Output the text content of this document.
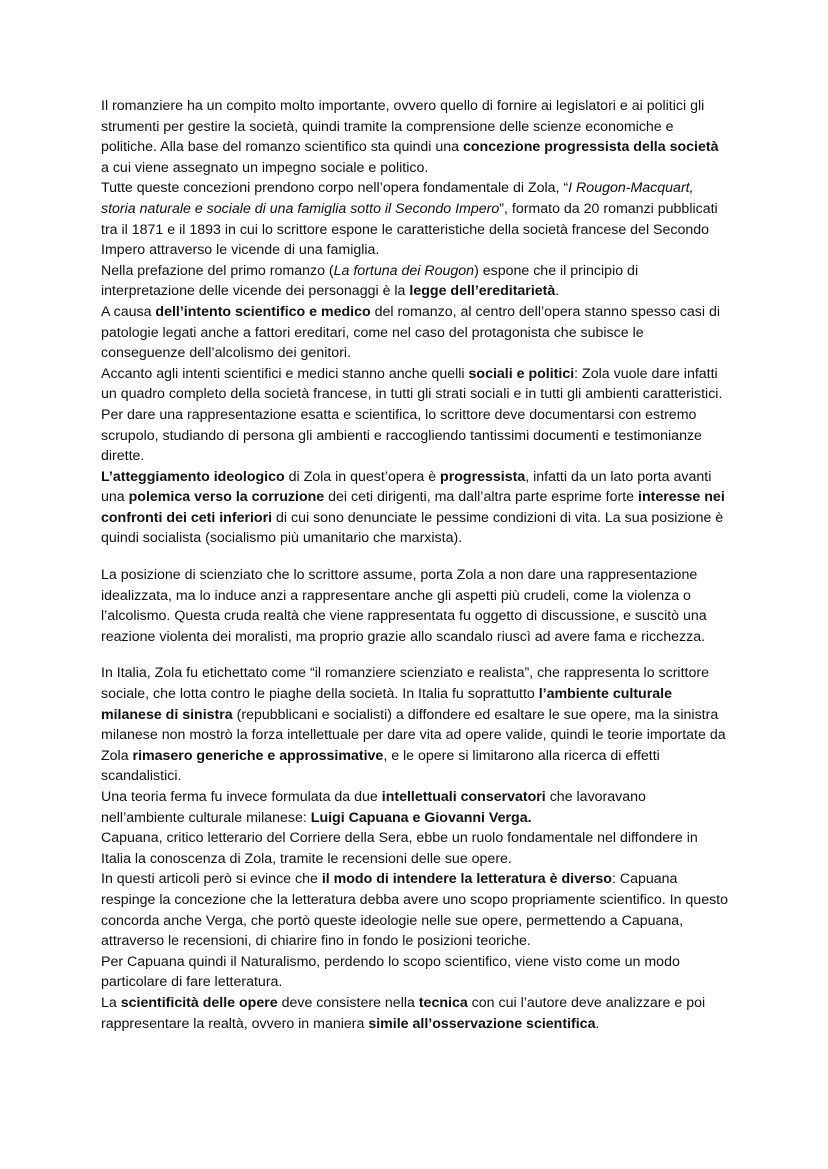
Il romanziere ha un compito molto importante, ovvero quello di fornire ai legislatori e ai politici gli strumenti per gestire la società, quindi tramite la comprensione delle scienze economiche e politiche. Alla base del romanzo scientifico sta quindi una concezione progressista della società a cui viene assegnato un impegno sociale e politico.
Tutte queste concezioni prendono corpo nell’opera fondamentale di Zola, “I Rougon-Macquart, storia naturale e sociale di una famiglia sotto il Secondo Impero”, formato da 20 romanzi pubblicati tra il 1871 e il 1893 in cui lo scrittore espone le caratteristiche della società francese del Secondo Impero attraverso le vicende di una famiglia.
Nella prefazione del primo romanzo (La fortuna dei Rougon) espone che il principio di interpretazione delle vicende dei personaggi è la legge dell’ereditarietà.
A causa dell’intento scientifico e medico del romanzo, al centro dell’opera stanno spesso casi di patologie legati anche a fattori ereditari, come nel caso del protagonista che subisce le conseguenze dell’alcolismo dei genitori.
Accanto agli intenti scientifici e medici stanno anche quelli sociali e politici: Zola vuole dare infatti un quadro completo della società francese, in tutti gli strati sociali e in tutti gli ambienti caratteristici.
Per dare una rappresentazione esatta e scientifica, lo scrittore deve documentarsi con estremo scrupolo, studiando di persona gli ambienti e raccogliendo tantissimi documenti e testimonianze dirette.
L’atteggiamento ideologico di Zola in quest’opera è progressista, infatti da un lato porta avanti una polemica verso la corruzione dei ceti dirigenti, ma dall’altra parte esprime forte interesse nei confronti dei ceti inferiori di cui sono denunciate le pessime condizioni di vita. La sua posizione è quindi socialista (socialismo più umanitario che marxista).
La posizione di scienziato che lo scrittore assume, porta Zola a non dare una rappresentazione idealizzata, ma lo induce anzi a rappresentare anche gli aspetti più crudeli, come la violenza o l’alcolismo. Questa cruda realtà che viene rappresentata fu oggetto di discussione, e suscitò una reazione violenta dei moralisti, ma proprio grazie allo scandalo riuscì ad avere fama e ricchezza.
In Italia, Zola fu etichettato come “il romanziere scienziato e realista”, che rappresenta lo scrittore sociale, che lotta contro le piaghe della società. In Italia fu soprattutto l’ambiente culturale milanese di sinistra (repubblicani e socialisti) a diffondere ed esaltare le sue opere, ma la sinistra milanese non mostrò la forza intellettuale per dare vita ad opere valide, quindi le teorie importate da Zola rimasero generiche e approssimative, e le opere si limitarono alla ricerca di effetti scandalistici.
Una teoria ferma fu invece formulata da due intellettuali conservatori che lavoravano nell’ambiente culturale milanese: Luigi Capuana e Giovanni Verga.
Capuana, critico letterario del Corriere della Sera, ebbe un ruolo fondamentale nel diffondere in Italia la conoscenza di Zola, tramite le recensioni delle sue opere.
In questi articoli però si evince che il modo di intendere la letteratura è diverso: Capuana respinge la concezione che la letteratura debba avere uno scopo propriamente scientifico. In questo concorda anche Verga, che portò queste ideologie nelle sue opere, permettendo a Capuana, attraverso le recensioni, di chiarire fino in fondo le posizioni teoriche.
Per Capuana quindi il Naturalismo, perdendo lo scopo scientifico, viene visto come un modo particolare di fare letteratura.
La scientificità delle opere deve consistere nella tecnica con cui l’autore deve analizzare e poi rappresentare la realtà, ovvero in maniera simile all’osservazione scientifica.
